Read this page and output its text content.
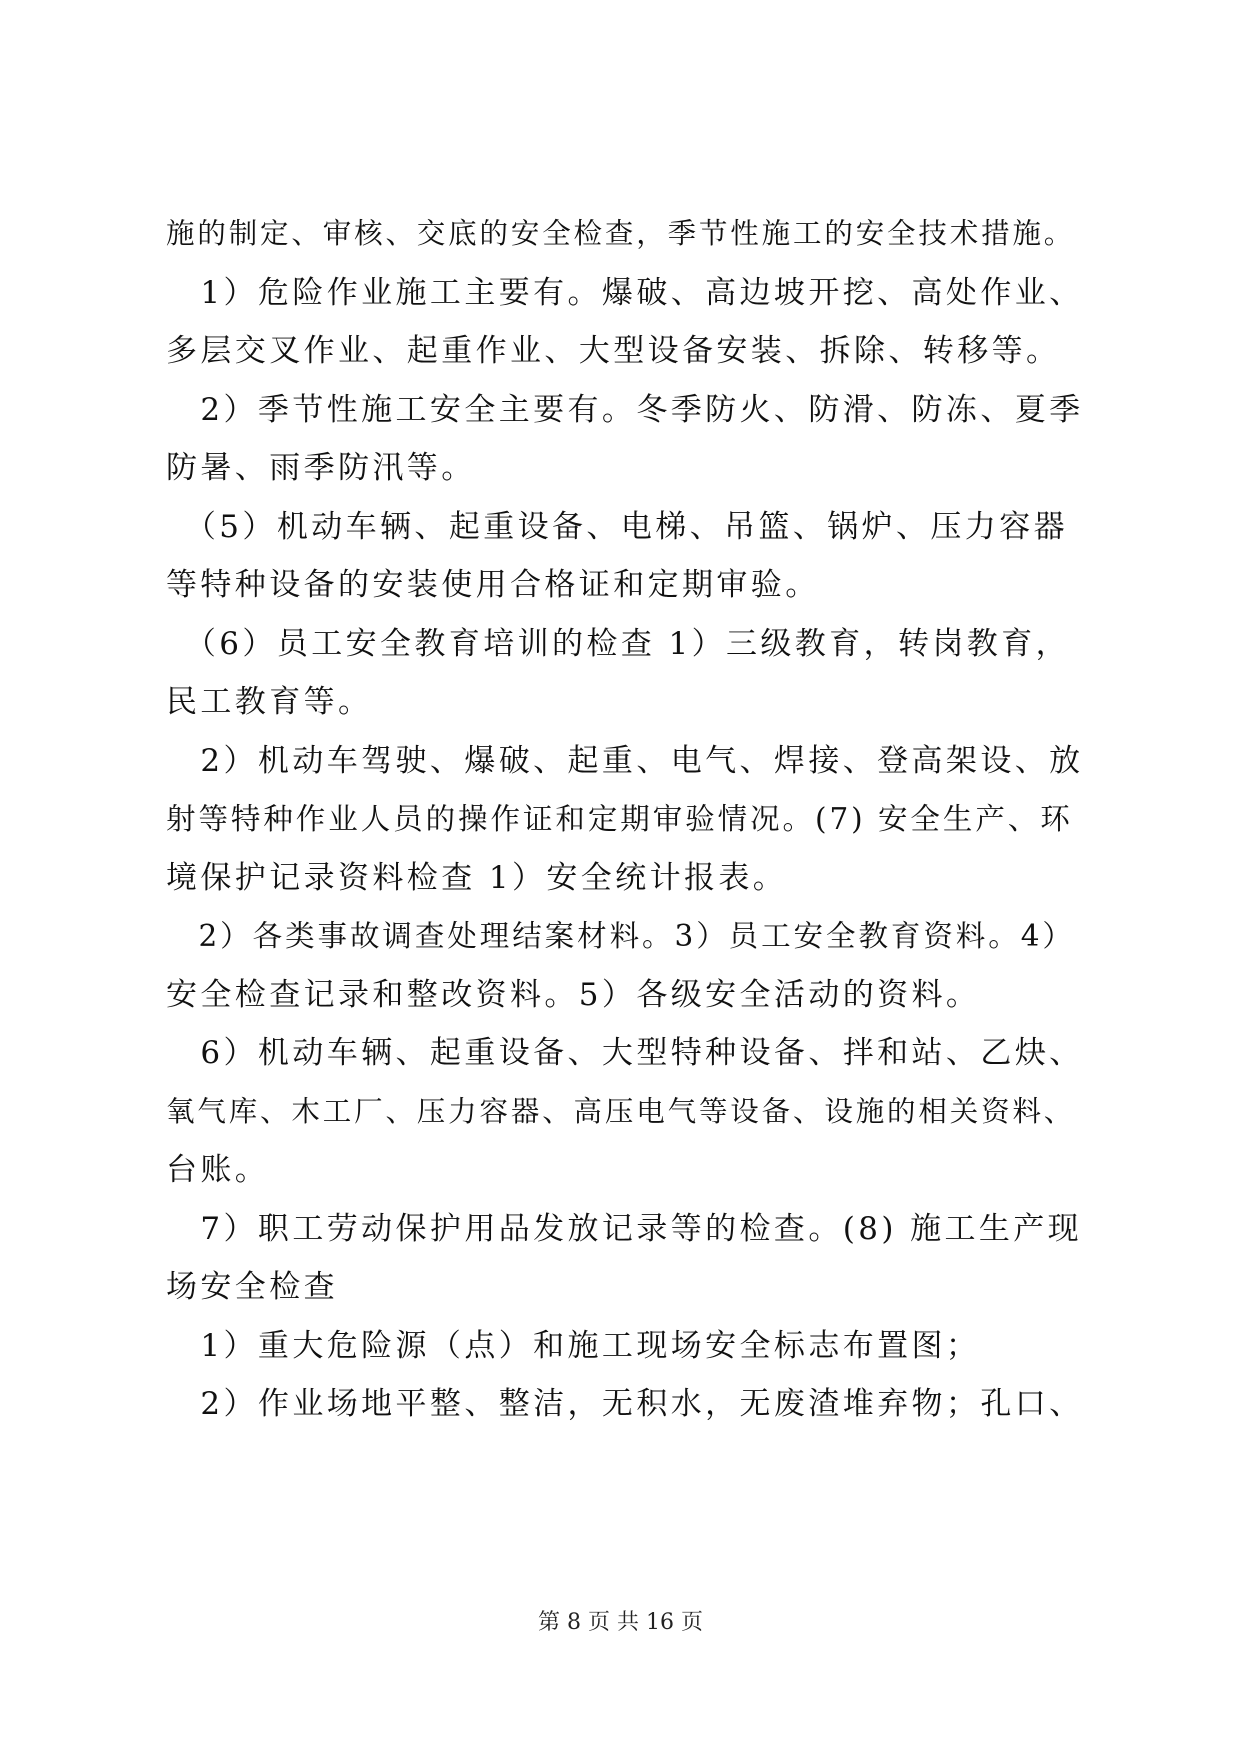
施的制定、审核、交底的安全检查，季节性施工的安全技术措施。
　1）危险作业施工主要有。爆破、高边坡开挖、高处作业、
多层交叉作业、起重作业、大型设备安装、拆除、转移等。
　2）季节性施工安全主要有。冬季防火、防滑、防冻、夏季
防暑、雨季防汛等。
　（5）机动车辆、起重设备、电梯、吊篮、锅炉、压力容器
等特种设备的安装使用合格证和定期审验。
　（6）员工安全教育培训的检查 1）三级教育，转岗教育，
民工教育等。
　2）机动车驾驶、爆破、起重、电气、焊接、登高架设、放
射等特种作业人员的操作证和定期审验情况。(7) 安全生产、环
境保护记录资料检查 1）安全统计报表。
　2）各类事故调查处理结案材料。3）员工安全教育资料。4）
安全检查记录和整改资料。5）各级安全活动的资料。
　6）机动车辆、起重设备、大型特种设备、拌和站、乙炔、
氧气库、木工厂、压力容器、高压电气等设备、设施的相关资料、
台账。
　7）职工劳动保护用品发放记录等的检查。(8) 施工生产现
场安全检查
　1）重大危险源（点）和施工现场安全标志布置图；
　2）作业场地平整、整洁，无积水，无废渣堆弃物；孔口、
第 8 页 共 16 页
